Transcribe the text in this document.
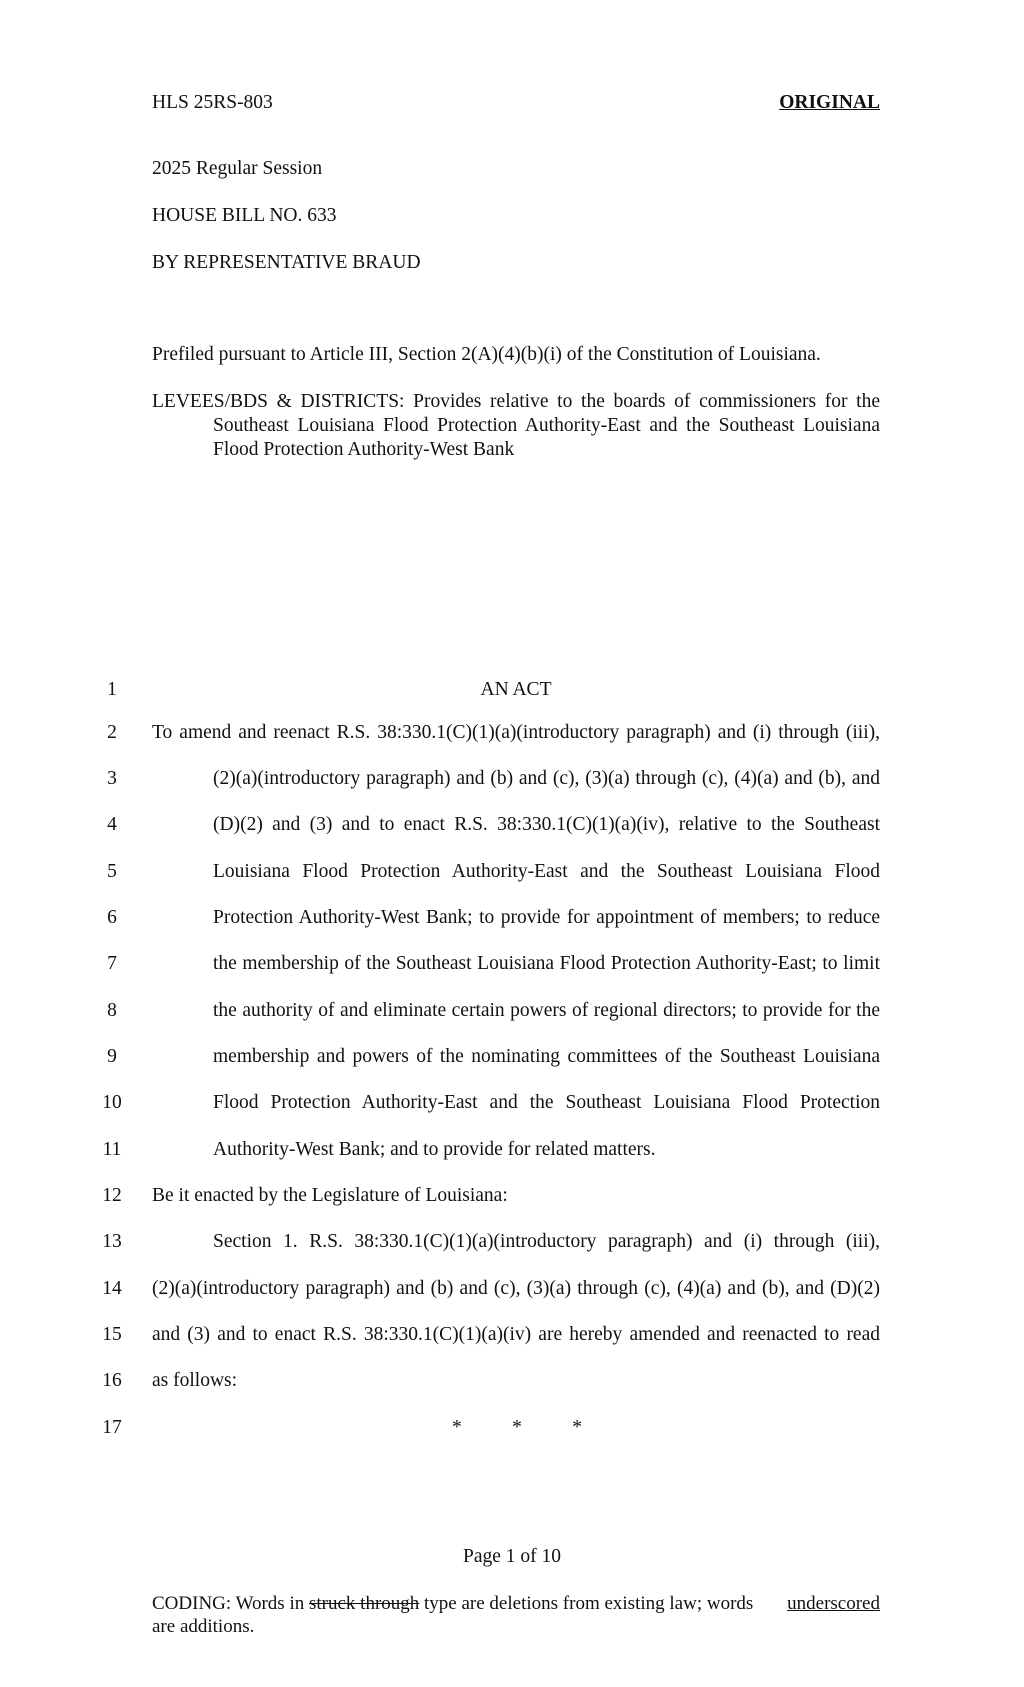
HLS 25RS-803	ORIGINAL
2025 Regular Session
HOUSE BILL NO. 633
BY REPRESENTATIVE BRAUD
Prefiled pursuant to Article III, Section 2(A)(4)(b)(i) of the Constitution of Louisiana.
LEVEES/BDS & DISTRICTS: Provides relative to the boards of commissioners for the
Southeast Louisiana Flood Protection Authority-East and the Southeast Louisiana Flood Protection Authority-West Bank
1
2
3
4
5
6
7
8
9
10
11
12
13
14
15
16
17
AN ACT
To amend and reenact R.S. 38:330.1(C)(1)(a)(introductory paragraph) and (i) through (iii),
(2)(a)(introductory paragraph) and (b) and (c), (3)(a) through (c), (4)(a) and (b), and
(D)(2) and (3) and to enact R.S. 38:330.1(C)(1)(a)(iv), relative to the Southeast
Louisiana Flood Protection Authority-East and the Southeast Louisiana Flood
Protection Authority-West Bank; to provide for appointment of members; to reduce
the membership of the Southeast Louisiana Flood Protection Authority-East; to limit
the authority of and eliminate certain powers of regional directors; to provide for the
membership and powers of the nominating committees of the Southeast Louisiana
Flood Protection Authority-East and the Southeast Louisiana Flood Protection
Authority-West Bank; and to provide for related matters.
Be it enacted by the Legislature of Louisiana:
Section 1. R.S. 38:330.1(C)(1)(a)(introductory paragraph) and (i) through (iii),
(2)(a)(introductory paragraph) and (b) and (c), (3)(a) through (c), (4)(a) and (b), and (D)(2)
and (3) and to enact R.S. 38:330.1(C)(1)(a)(iv) are hereby amended and reenacted to read
as follows:
*	*	*
Page 1 of 10
CODING: Words in struck through type are deletions from existing law; words underscored
are additions.
